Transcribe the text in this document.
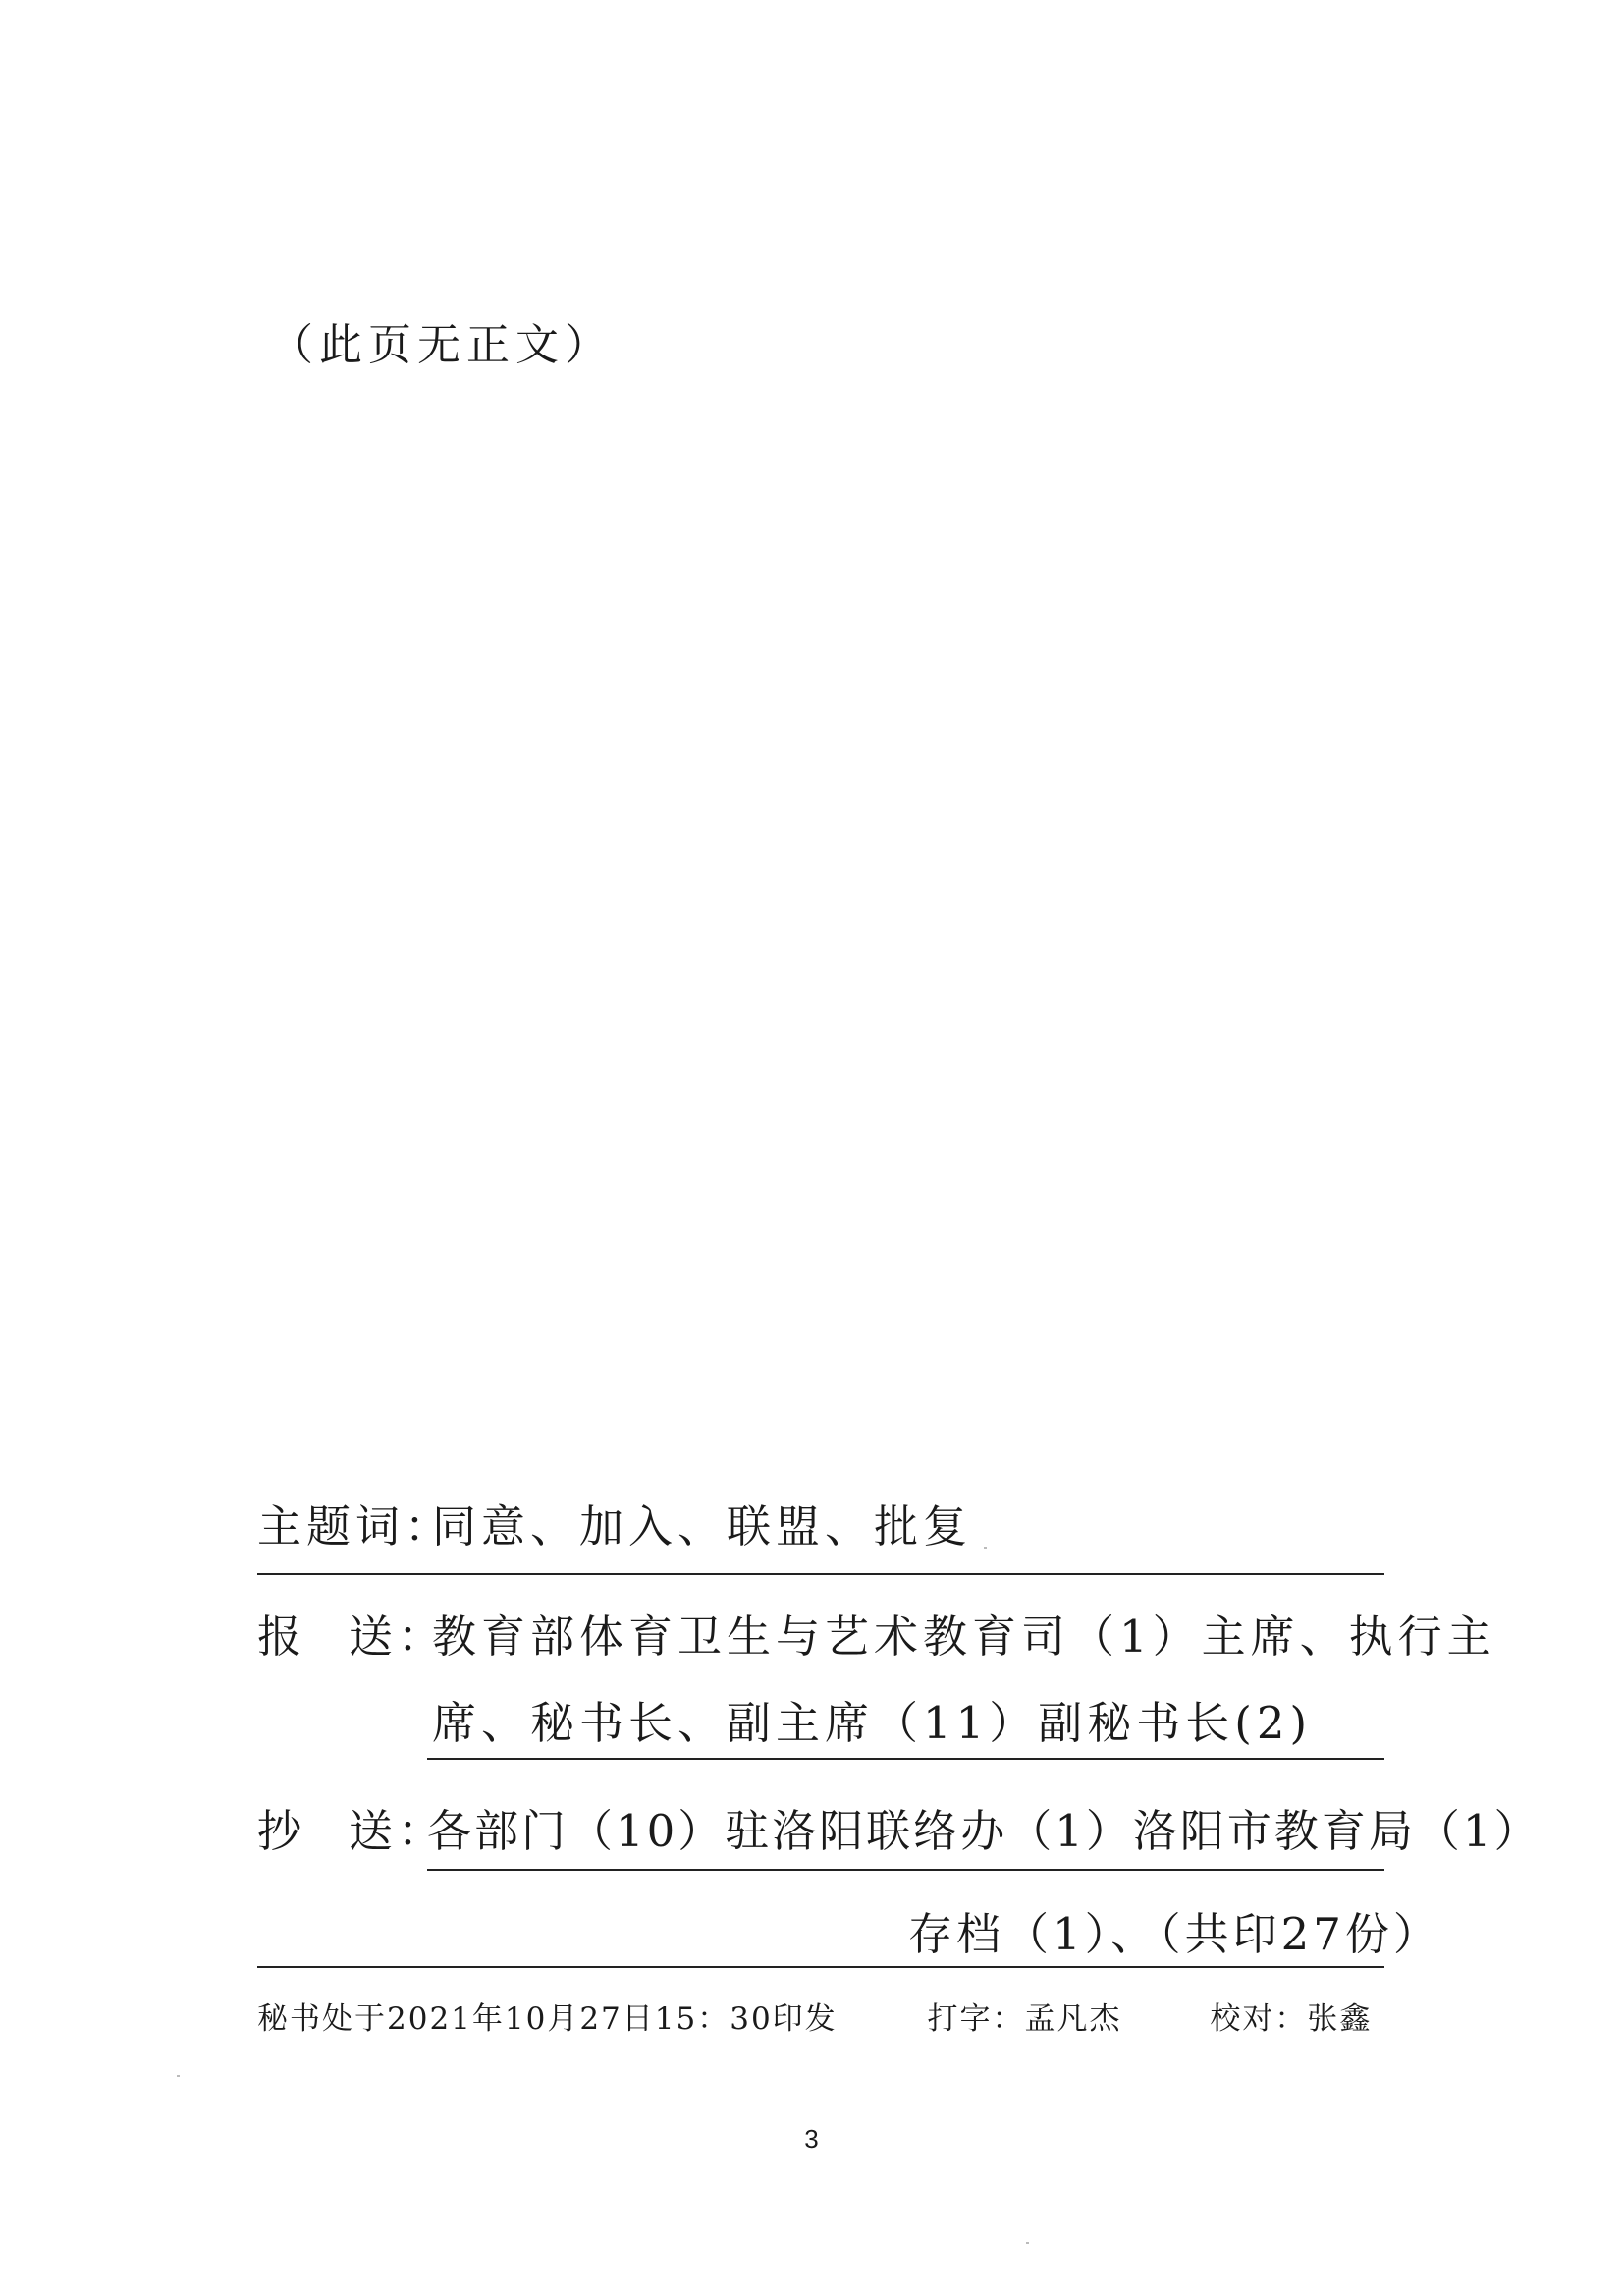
（此页无正文）
主题词：
同意、加入、联盟、批复
报 送：
教育部体育卫生与艺术教育司（1）主席、执行主
席、秘书长、副主席（11）副秘书长(2)
抄 送：
各部门（10）驻洛阳联络办（1）洛阳市教育局（1）
存档（1）、（共印27份）
秘书处于2021年10月27日15：30印发	打字：孟凡杰	校对：张鑫
3
